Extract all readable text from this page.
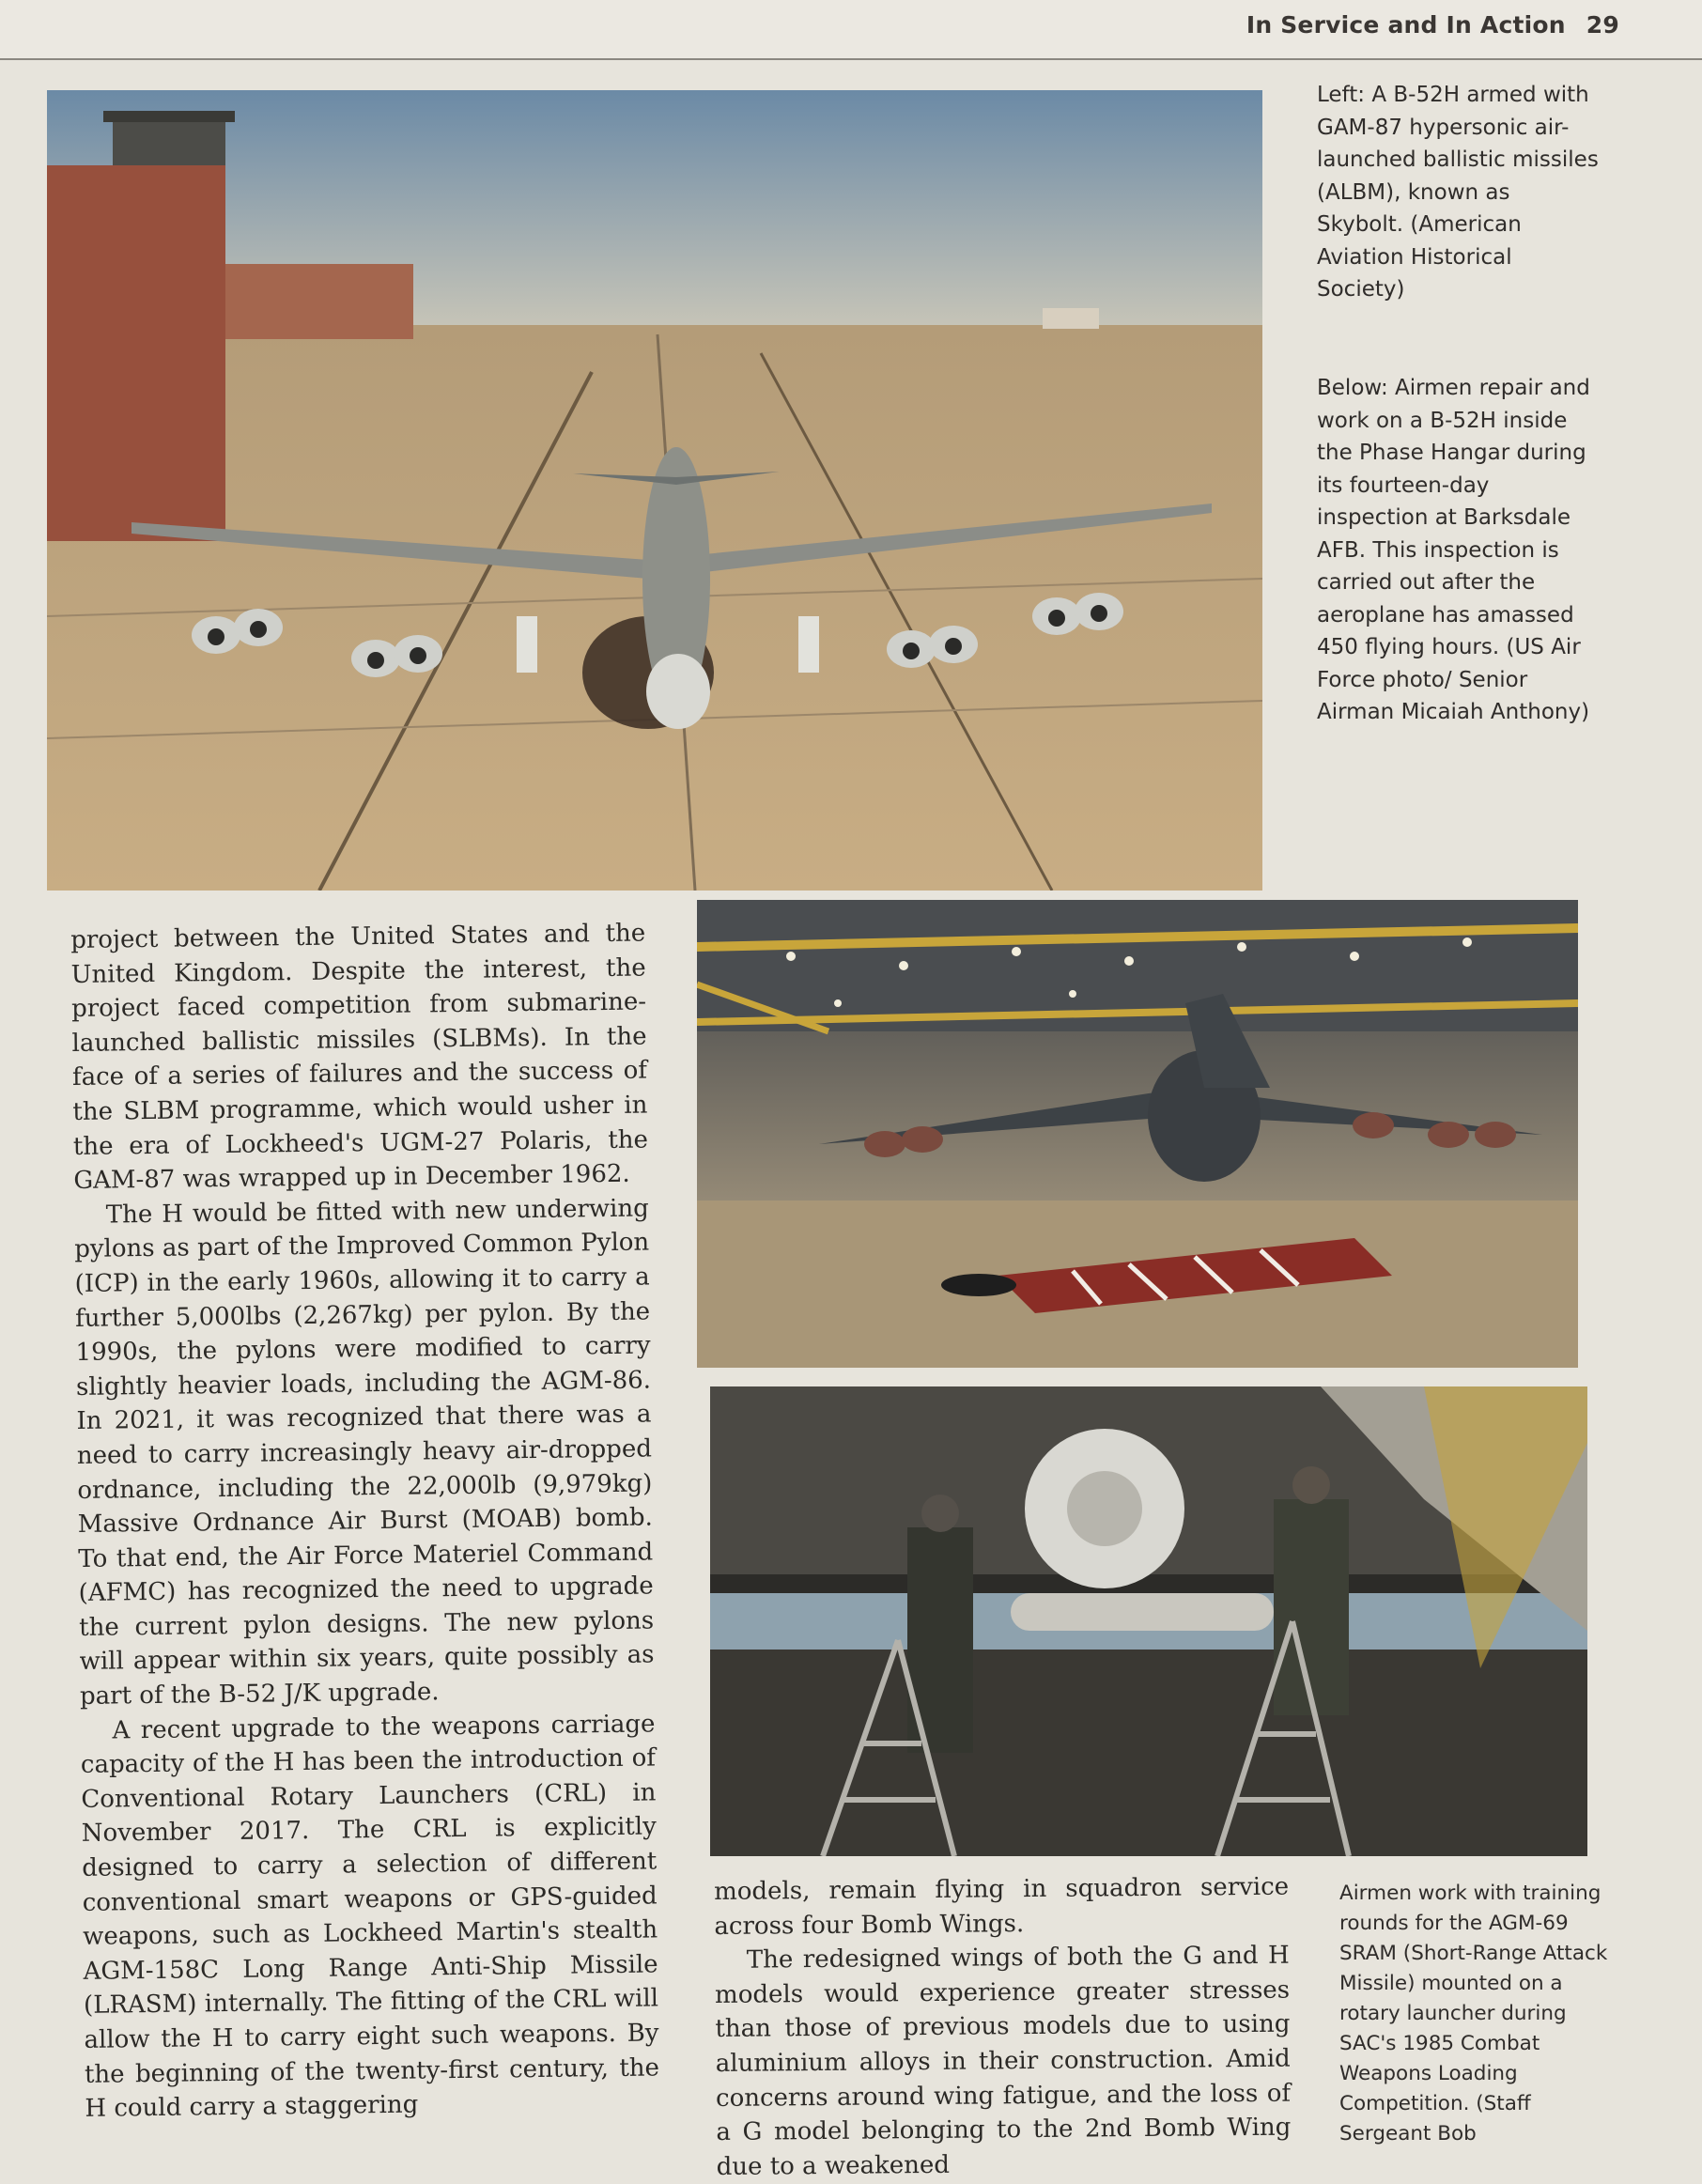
In Service and In Action 29

Left: A B-52H armed with GAM-87 hypersonic air-launched ballistic missiles (ALBM), known as Skybolt. (American Aviation Historical Society)

Below: Airmen repair and work on a B-52H inside the Phase Hangar during its fourteen-day inspection at Barksdale AFB. This inspection is carried out after the aeroplane has amassed 450 flying hours. (US Air Force photo/ Senior Airman Micaiah Anthony)

Airmen work with training rounds for the AGM-69 SRAM (Short-Range Attack Missile) mounted on a rotary launcher during SAC's 1985 Combat Weapons Loading Competition. (Staff Sergeant Bob

project between the United States and the United Kingdom. Despite the interest, the project faced competition from submarine-launched ballistic missiles (SLBMs). In the face of a series of failures and the success of the SLBM programme, which would usher in the era of Lockheed's UGM-27 Polaris, the GAM-87 was wrapped up in December 1962.

The H would be fitted with new underwing pylons as part of the Improved Common Pylon (ICP) in the early 1960s, allowing it to carry a further 5,000lbs (2,267kg) per pylon. By the 1990s, the pylons were modified to carry slightly heavier loads, including the AGM-86. In 2021, it was recognized that there was a need to carry increasingly heavy air-dropped ordnance, including the 22,000lb (9,979kg) Massive Ordnance Air Burst (MOAB) bomb. To that end, the Air Force Materiel Command (AFMC) has recognized the need to upgrade the current pylon designs. The new pylons will appear within six years, quite possibly as part of the B-52 J/K upgrade.

A recent upgrade to the weapons carriage capacity of the H has been the introduction of Conventional Rotary Launchers (CRL) in November 2017. The CRL is explicitly designed to carry a selection of different conventional smart weapons or GPS-guided weapons, such as Lockheed Martin's stealth AGM-158C Long Range Anti-Ship Missile (LRASM) internally. The fitting of the CRL will allow the H to carry eight such weapons. By the beginning of the twenty-first century, the H could carry a staggering

models, remain flying in squadron service across four Bomb Wings.

The redesigned wings of both the G and H models would experience greater stresses than those of previous models due to using aluminium alloys in their construction. Amid concerns around wing fatigue, and the loss of a G model belonging to the 2nd Bomb Wing due to a weakened
